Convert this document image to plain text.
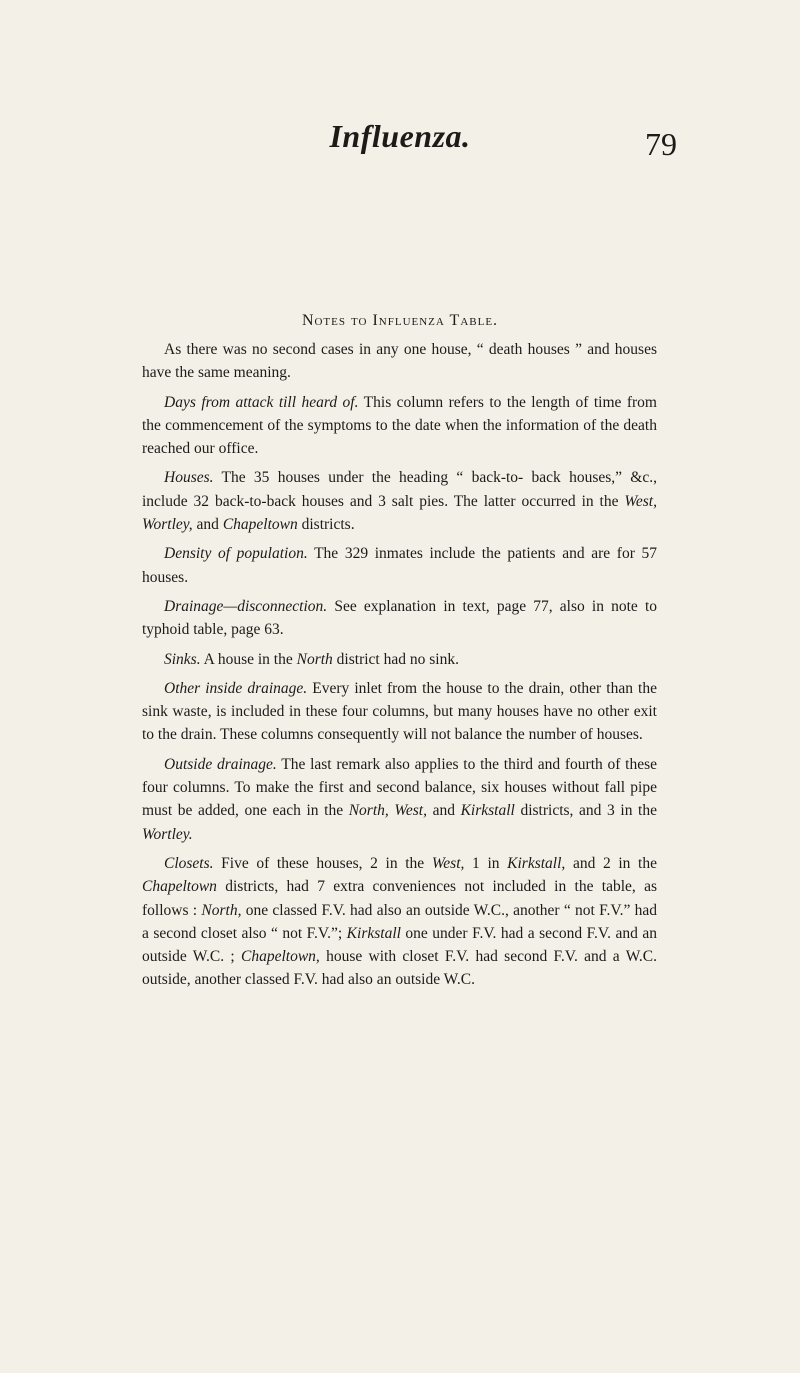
Influenza.	79
Notes to Influenza Table.

As there was no second cases in any one house, “ death houses ” and houses have the same meaning.

Days from attack till heard of. This column refers to the length of time from the commencement of the symptoms to the date when the information of the death reached our office.

Houses. The 35 houses under the heading “ back-to- back houses,” &c., include 32 back-to-back houses and 3 salt pies. The latter occurred in the West, Wortley, and Chapeltown districts.

Density of population. The 329 inmates include the patients and are for 57 houses.

Drainage—disconnection. See explanation in text, page 77, also in note to typhoid table, page 63.

Sinks. A house in the North district had no sink.

Other inside drainage. Every inlet from the house to the drain, other than the sink waste, is included in these four columns, but many houses have no other exit to the drain. These columns consequently will not balance the number of houses.

Outside drainage. The last remark also applies to the third and fourth of these four columns. To make the first and second balance, six houses without fall pipe must be added, one each in the North, West, and Kirkstall districts, and 3 in the Wortley.

Closets. Five of these houses, 2 in the West, 1 in Kirkstall, and 2 in the Chapeltown districts, had 7 extra conveniences not included in the table, as follows : North, one classed F.V. had also an outside W.C., another “ not F.V.” had a second closet also “ not F.V.”; Kirkstall one under F.V. had a second F.V. and an outside W.C. ; Chapeltown, house with closet F.V. had second F.V. and a W.C. outside, another classed F.V. had also an outside W.C.
